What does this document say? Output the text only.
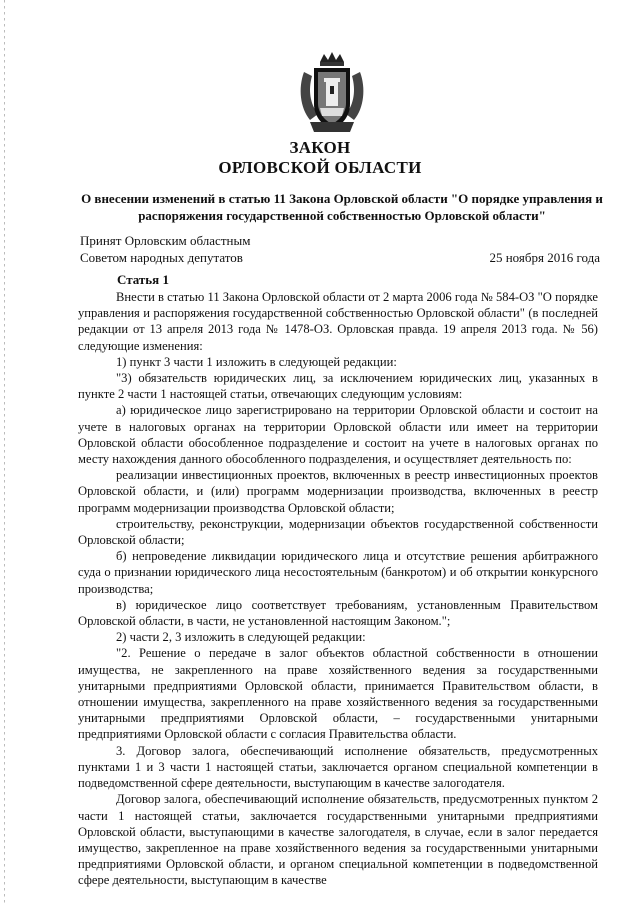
ЗАКОН
ОРЛОВСКОЙ ОБЛАСТИ
О внесении изменений в статью 11 Закона Орловской области "О порядке управления и распоряжения государственной собственностью Орловской области"
Принят Орловским областным
Советом народных депутатов	25 ноября 2016 года
Статья 1

Внести в статью 11 Закона Орловской области от 2 марта 2006 года № 584-ОЗ "О порядке управления и распоряжения государственной собственностью Орловской области" (в последней редакции от 13 апреля 2013 года № 1478-ОЗ. Орловская правда. 19 апреля 2013 года. № 56) следующие изменения:

1) пункт 3 части 1 изложить в следующей редакции:

"3) обязательств юридических лиц, за исключением юридических лиц, указанных в пункте 2 части 1 настоящей статьи, отвечающих следующим условиям:

а) юридическое лицо зарегистрировано на территории Орловской области и состоит на учете в налоговых органах на территории Орловской области или имеет на территории Орловской области обособленное подразделение и состоит на учете в налоговых органах по месту нахождения данного обособленного подразделения, и осуществляет деятельность по:

реализации инвестиционных проектов, включенных в реестр инвестиционных проектов Орловской области, и (или) программ модернизации производства, включенных в реестр программ модернизации производства Орловской области;

строительству, реконструкции, модернизации объектов государственной собственности Орловской области;

б) непроведение ликвидации юридического лица и отсутствие решения арбитражного суда о признании юридического лица несостоятельным (банкротом) и об открытии конкурсного производства;

в) юридическое лицо соответствует требованиям, установленным Правительством Орловской области, в части, не установленной настоящим Законом.";

2) части 2, 3 изложить в следующей редакции:

"2. Решение о передаче в залог объектов областной собственности в отношении имущества, не закрепленного на праве хозяйственного ведения за государственными унитарными предприятиями Орловской области, принимается Правительством области, в отношении имущества, закрепленного на праве хозяйственного ведения за государственными унитарными предприятиями Орловской области, – государственными унитарными предприятиями Орловской области с согласия Правительства области.

3. Договор залога, обеспечивающий исполнение обязательств, предусмотренных пунктами 1 и 3 части 1 настоящей статьи, заключается органом специальной компетенции в подведомственной сфере деятельности, выступающим в качестве залогодателя.

Договор залога, обеспечивающий исполнение обязательств, предусмотренных пунктом 2 части 1 настоящей статьи, заключается государственными унитарными предприятиями Орловской области, выступающими в качестве залогодателя, в случае, если в залог передается имущество, закрепленное на праве хозяйственного ведения за государственными унитарными предприятиями Орловской области, и органом специальной компетенции в подведомственной сфере деятельности, выступающим в качестве
